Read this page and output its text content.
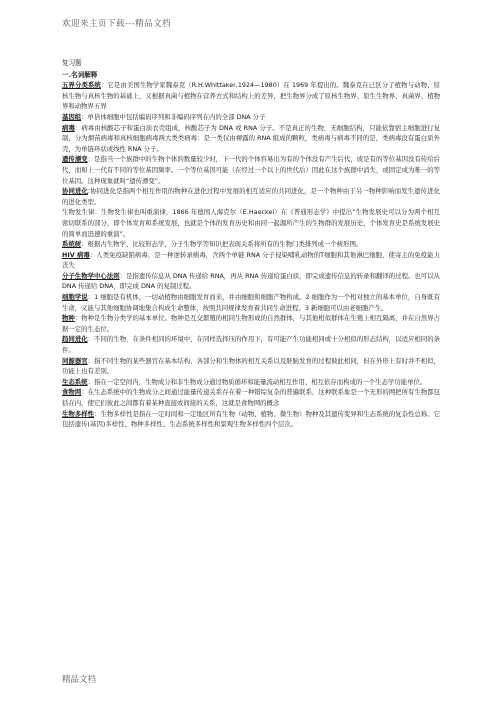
欢迎来主页下载---精品文档

复习题

一.名词解释

五界分类系统：它是由美国生物学家魏泰克（R.H.Whittaker,1924—1980）在 1969 年提出的。魏泰克在已区分了植物与动物、原核生物与真核生物的基础上，又根据真菌与植物在营养方式和结构上的差异，把生物界分成了原核生物界、原生生物界、真菌界、植物界和动物界五界

基因组：单倍体细胞中包括编码序列和非编码序列在内的全部 DNA 分子

病毒：病毒由核酸芯子和蛋白质衣壳组成，核酸芯子为 DNA 或 RNA 分子。不是真正的生物，无细胞结构，只能依靠宿主细胞进行复制，分为烟苗病毒和真核细胞病毒两大类类病毒：是一类仅由裸露的 RNA 组成的颗粒，类病毒与病毒不同的是，类病毒没有蛋白质外壳，为单链环状或线性 RNA 分子。

遗传漂变：是指当一个族群中的生物个体的数量较少时，下一代的个体容易出为有的个体没有产生后代，或是有的等位基因没有传给后代，而和上一代有不同的等位基因频率。一个等位基因可能（在经过一个以上的世代后）因此在这个族群中消失，或固定成为唯一的等位基因。这种现象就叫“遗传漂变”。

协同进化:协同进化是指两个相互作用的物种在进化过程中发展的相互适应的共同进化，是一个物种由于另一物种影响而发生遗传进化的进化类型。

生物发生律：生物发生律也叫重演律，1866 年德国人海克尔（E.Haeckel）在《普通形态学》中提出“生物发展史可以分为两个相互密切联系的部分，即个体发育和系统发展，也就是个体的发育历史和由同一起源所产生的生物群的发展历史，个体发育史是系统发展史的简单而迅速的重演”。

系统树：根据古生物学、比较形态学、分子生物学等知识把表现关系将所有的生物门类排列成一个树形图。

HIV 病毒：人类免疫缺陷病毒，是一种逆转录病毒，含两个单链 RNA 分子侵染哺乳动物的T细胞和其他淋巴细胞，使寄主的免疫能力丧失

分子生物学中心法则：是指遗传信息从 DNA 传递给 RNA，再从 RNA 传递给蛋白质，即完成遗传信息的转录和翻译的过程。也可以从 DNA 传递给 DNA，即完成 DNA 的复制过程。

细胞学说：1 细胞是有机体，一切动植物由细胞发育而来，并由细胞和细胞产物构成。2 细胞作为一个相对独立的基本单位，自身既有生命，又能与其他细胞协调地集合构成生命整体，按照共同规律发育着共同生命进程。3 新细胞可以由老细胞产生。

物种：物种是生物分类学的基本单位。物种是互交繁殖的相同生物形成的自然群体，与其他相似群体在生殖上相互隔离，并在自然界占据一定的生态位。

趋同进化：不同的生物，在条件相同的环境中，在同样选择压的作用下，有可能产生功能相同或十分相似的形态结构，以适应相同的条件。

同源器官：指不同生物的某些器官在基本结构、各部分和生物体的相互关系以及胚胎发育的过程彼此相同，但在外形上有时并不相似，功能上也有差别。

生态系统：指在一定空间内，生物成分和非生物成分通过物质循环和能量流动相互作用、相互依存而构成的一个生态学功能单位。

食物网：在生态系统中的生物成分之间通过能量传递关系存在着一种错综复杂的普遍联系，这种联系象是一个无形的网把所有生物都包括在内，使它们彼此之间都有着某种直接或间接的关系，这就是食物网的概念

生物多样性：生物多样性是指在一定时间和一定地区所有生物（动物、植物、微生物）物种及其遗传变异和生态系统的复杂性总称。它包括遗传(基因)多样性、物种多样性、生态系统多样性和景观生物多样性四个层次。

精品文档
